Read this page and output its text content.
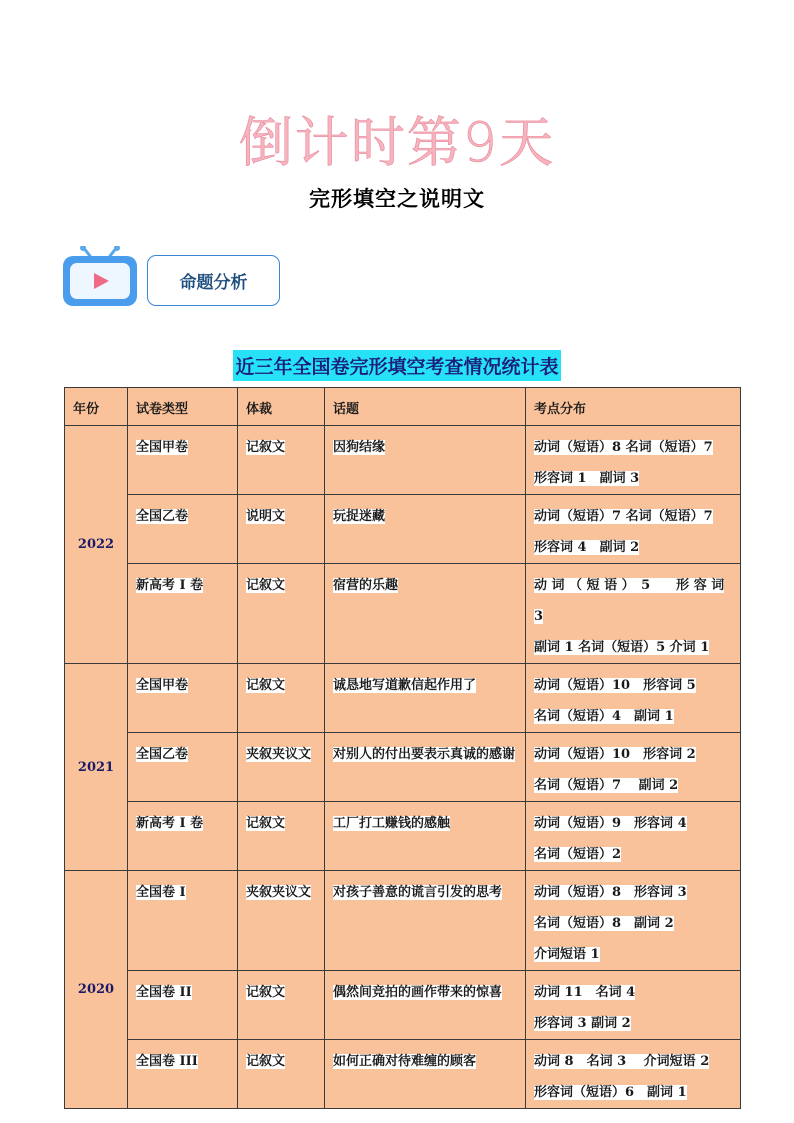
倒计时第9天
完形填空之说明文
命题分析
近三年全国卷完形填空考查情况统计表
年份	试卷类型	体裁	话题	考点分布
2022	全国甲卷	记叙文	因狗结缘	动词（短语）8 名词（短语）7
形容词 1　副词 3

	全国乙卷	说明文	玩捉迷藏	动词（短语）7 名词（短语）7
形容词 4　副词 2

	新高考 I 卷	记叙文	宿营的乐趣	动 词 （ 短 语 ）　5　　形 容 词 3
副词 1 名词（短语）5 介词 1

2021	全国甲卷	记叙文	诚恳地写道歉信起作用了	动词（短语）10　形容词 5
名词（短语）4　副词 1

	全国乙卷	夹叙夹议文	对别人的付出要表示真诚的感谢	动词（短语）10　形容词 2
名词（短语）7　 副词 2

	新高考 I 卷	记叙文	工厂打工赚钱的感触	动词（短语）9　形容词 4
名词（短语）2

2020	全国卷 I	夹叙夹议文	对孩子善意的谎言引发的思考	动词（短语）8　形容词 3
名词（短语）8　副词 2
介词短语 1

	全国卷 II	记叙文	偶然间竞拍的画作带来的惊喜	动词 11　名词 4
形容词 3 副词 2

	全国卷 III	记叙文	如何正确对待难缠的顾客	动词 8　名词 3　 介词短语 2
形容词（短语）6　副词 1
